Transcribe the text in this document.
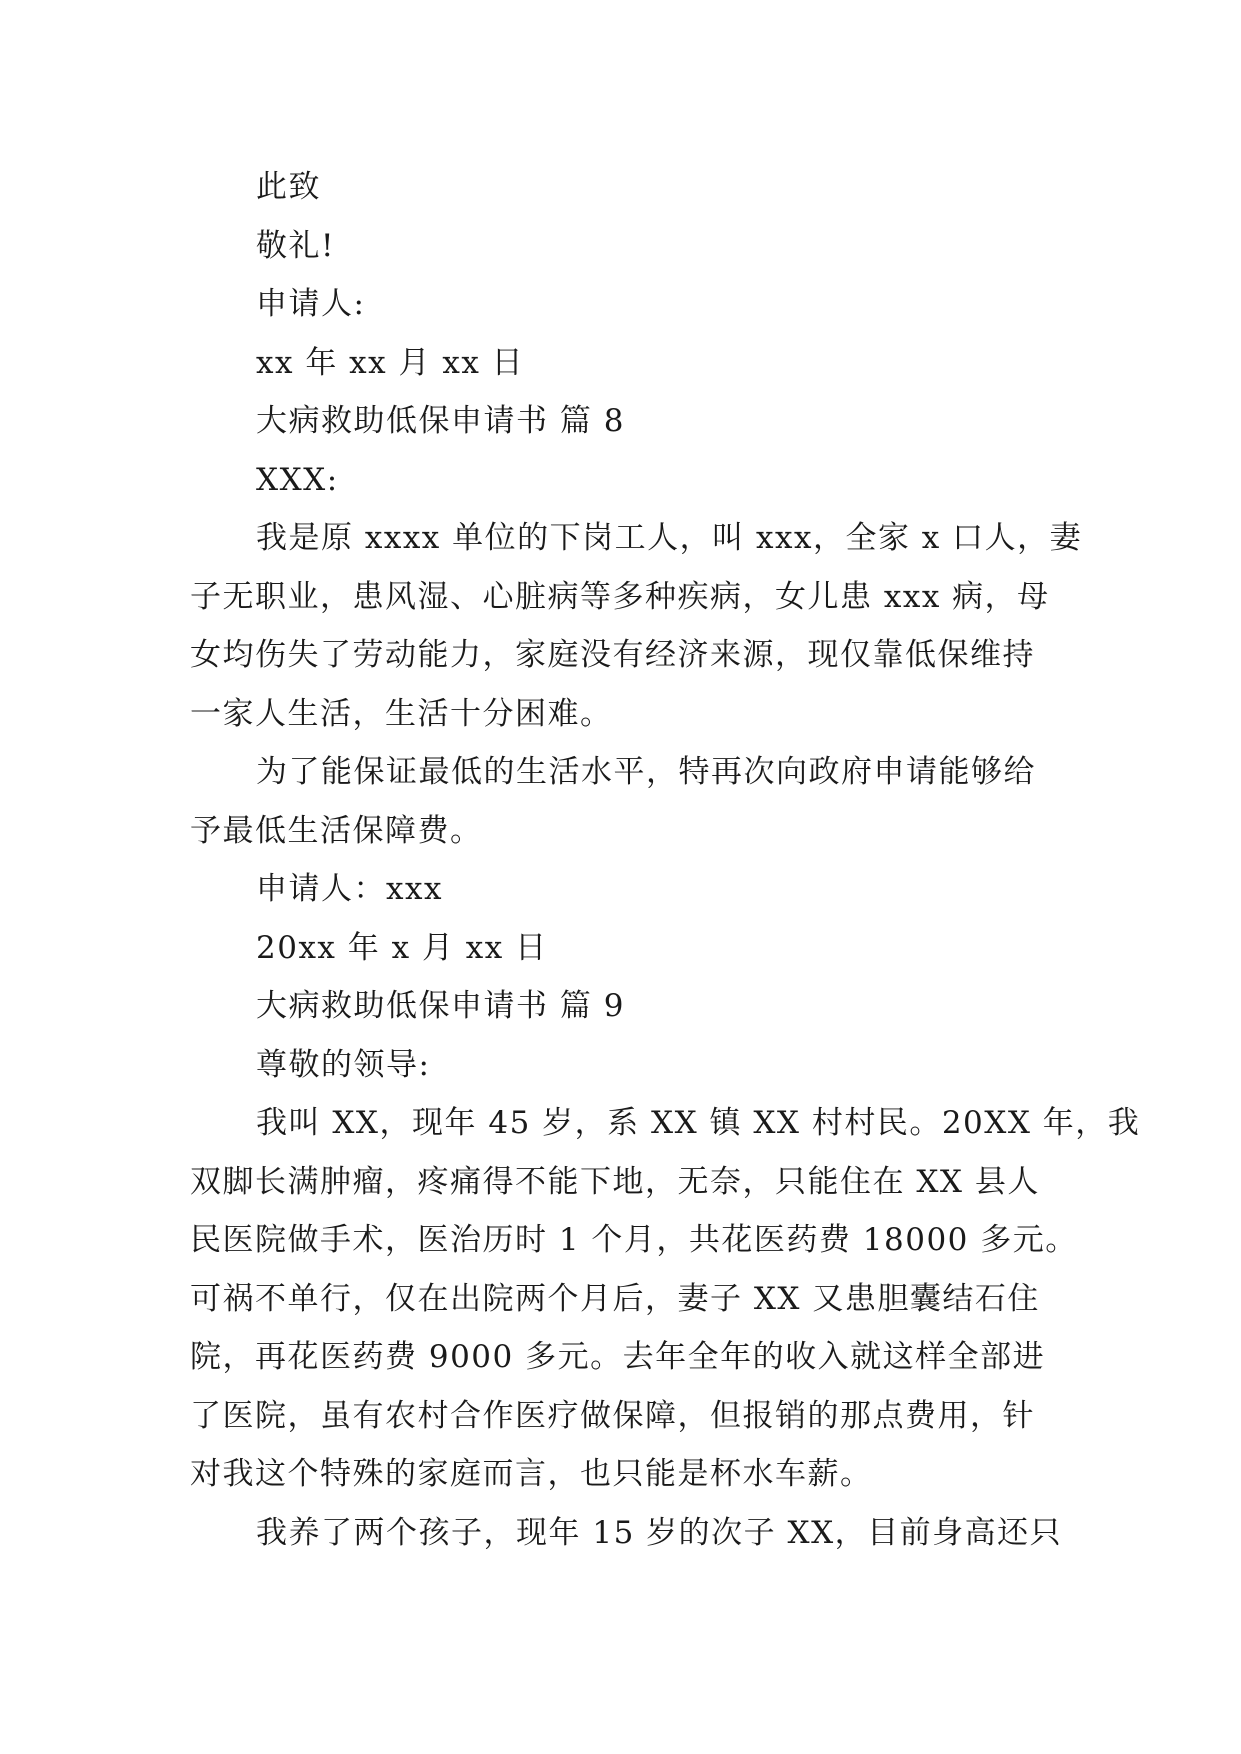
此致
敬礼!
申请人:
xx 年 xx 月 xx 日
大病救助低保申请书 篇 8
XXX:
我是原 xxxx 单位的下岗工人，叫 xxx，全家 x 口人，妻
子无职业，患风湿、心脏病等多种疾病，女儿患 xxx 病，母
女均伤失了劳动能力，家庭没有经济来源，现仅靠低保维持
一家人生活，生活十分困难。
为了能保证最低的生活水平，特再次向政府申请能够给
予最低生活保障费。
申请人：xxx
20xx 年 x 月 xx 日
大病救助低保申请书 篇 9
尊敬的领导:
我叫 XX，现年 45 岁，系 XX 镇 XX 村村民。20XX 年，我
双脚长满肿瘤，疼痛得不能下地，无奈，只能住在 XX 县人
民医院做手术，医治历时 1 个月，共花医药费 18000 多元。
可祸不单行，仅在出院两个月后，妻子 XX 又患胆囊结石住
院，再花医药费 9000 多元。去年全年的收入就这样全部进
了医院，虽有农村合作医疗做保障，但报销的那点费用，针
对我这个特殊的家庭而言，也只能是杯水车薪。
我养了两个孩子，现年 15 岁的次子 XX，目前身高还只
